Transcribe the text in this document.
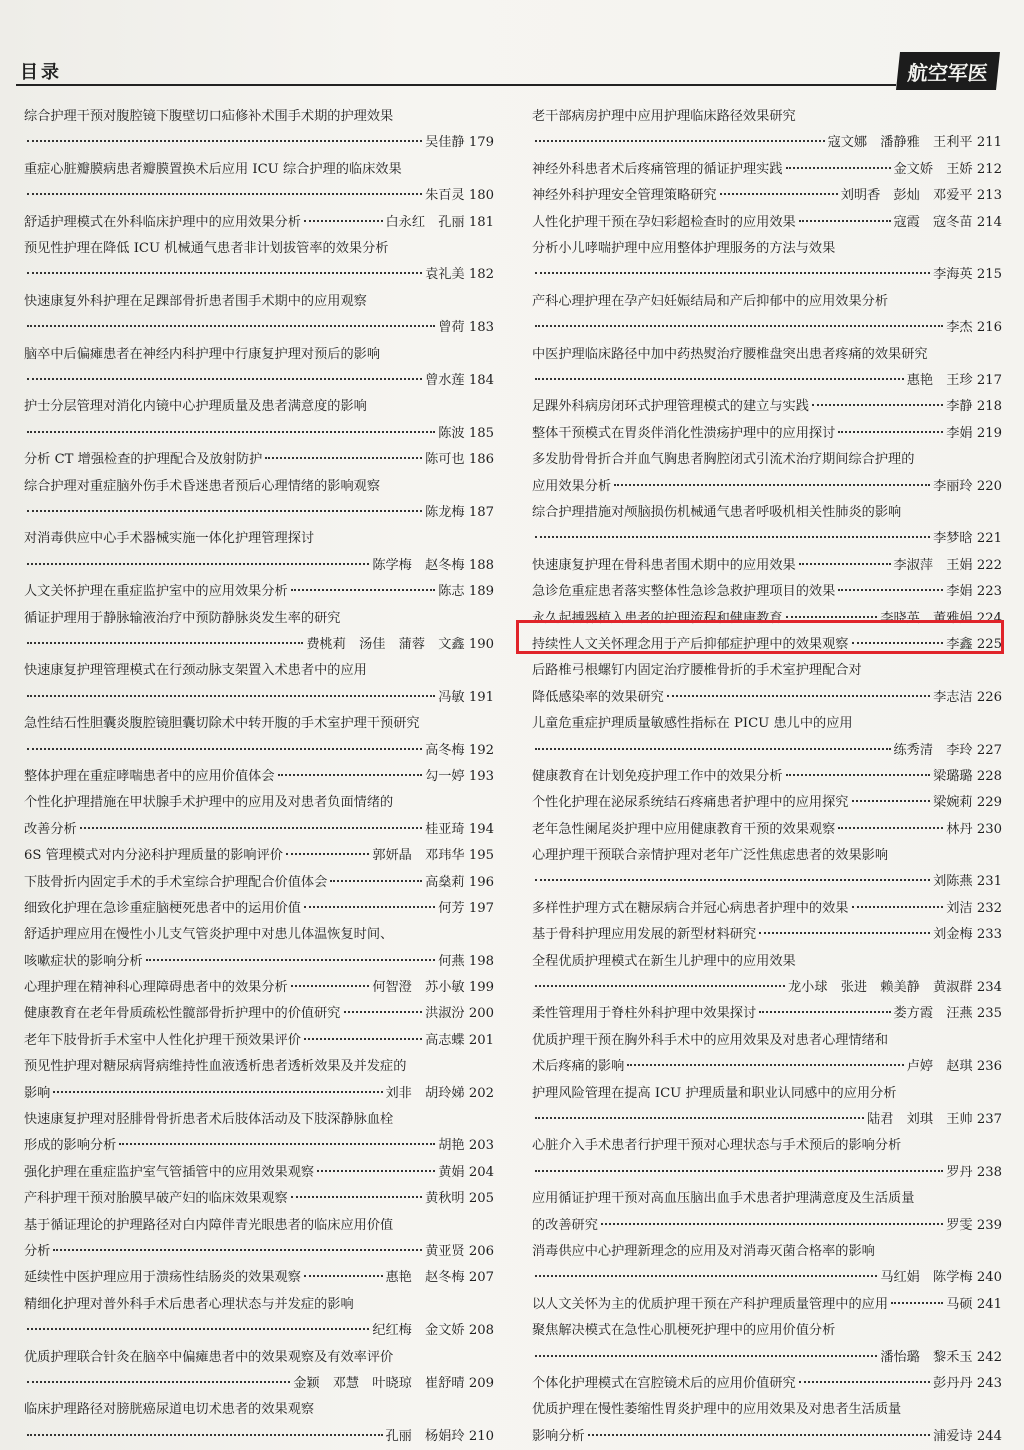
目录	航空军医
综合护理干预对腹腔镜下腹壁切口疝修补术围手术期的护理效果
吴佳静 179
重症心脏瓣膜病患者瓣膜置换术后应用 ICU 综合护理的临床效果
朱百灵 180
舒适护理模式在外科临床护理中的应用效果分析	白永红　孔丽 181
预见性护理在降低 ICU 机械通气患者非计划拔管率的效果分析
袁礼美 182
快速康复外科护理在足踝部骨折患者围手术期中的应用观察
曾荷 183
脑卒中后偏瘫患者在神经内科护理中行康复护理对预后的影响
曾水莲 184
护士分层管理对消化内镜中心护理质量及患者满意度的影响
陈波 185
分析 CT 增强检查的护理配合及放射防护	陈可也 186
综合护理对重症脑外伤手术昏迷患者预后心理情绪的影响观察
陈龙梅 187
对消毒供应中心手术器械实施一体化护理管理探讨
陈学梅　赵冬梅 188
人文关怀护理在重症监护室中的应用效果分析	陈志 189
循证护理用于静脉输液治疗中预防静脉炎发生率的研究
费桃莉　汤佳　蒲蓉　文鑫 190
快速康复护理管理模式在行颈动脉支架置入术患者中的应用
冯敏 191
急性结石性胆囊炎腹腔镜胆囊切除术中转开腹的手术室护理干预研究
高冬梅 192
整体护理在重症哮喘患者中的应用价值体会	勾一婷 193
个性化护理措施在甲状腺手术护理中的应用及对患者负面情绪的
改善分析	桂亚琦 194
6S 管理模式对内分泌科护理质量的影响评价	郭妍晶　邓玮华 195
下肢骨折内固定手术的手术室综合护理配合价值体会	高燊莉 196
细致化护理在急诊重症脑梗死患者中的运用价值	何芳 197
舒适护理应用在慢性小儿支气管炎护理中对患儿体温恢复时间、
咳嗽症状的影响分析	何燕 198
心理护理在精神科心理障碍患者中的效果分析	何智澄　苏小敏 199
健康教育在老年骨质疏松性髋部骨折护理中的价值研究	洪淑汾 200
老年下肢骨折手术室中人性化护理干预效果评价	高志蝶 201
预见性护理对糖尿病肾病维持性血液透析患者透析效果及并发症的
影响	刘非　胡玲娣 202
快速康复护理对胫腓骨骨折患者术后肢体活动及下肢深静脉血栓
形成的影响分析	胡艳 203
强化护理在重症监护室气管插管中的应用效果观察	黄娟 204
产科护理干预对胎膜早破产妇的临床效果观察	黄秋明 205
基于循证理论的护理路径对白内障伴青光眼患者的临床应用价值
分析	黄亚贤 206
延续性中医护理应用于溃疡性结肠炎的效果观察	惠艳　赵冬梅 207
精细化护理对普外科手术后患者心理状态与并发症的影响
纪红梅　金文娇 208
优质护理联合针灸在脑卒中偏瘫患者中的效果观察及有效率评价
金颖　邓慧　叶晓琼　崔舒晴 209
临床护理路径对膀胱癌尿道电切术患者的效果观察
孔丽　杨娟玲 210
老干部病房护理中应用护理临床路径效果研究
寇文娜　潘静雅　王利平 211
神经外科患者术后疼痛管理的循证护理实践	金文娇　王娇 212
神经外科护理安全管理策略研究	刘明香　彭灿　邓爱平 213
人性化护理干预在孕妇彩超检查时的应用效果	寇霞　寇冬苗 214
分析小儿哮喘护理中应用整体护理服务的方法与效果
李海英 215
产科心理护理在孕产妇妊娠结局和产后抑郁中的应用效果分析
李杰 216
中医护理临床路径中加中药热熨治疗腰椎盘突出患者疼痛的效果研究
惠艳　王珍 217
足踝外科病房闭环式护理管理模式的建立与实践	李静 218
整体干预模式在胃炎伴消化性溃疡护理中的应用探讨	李娟 219
多发肋骨骨折合并血气胸患者胸腔闭式引流术治疗期间综合护理的
应用效果分析	李丽玲 220
综合护理措施对颅脑损伤机械通气患者呼吸机相关性肺炎的影响
李梦晗 221
快速康复护理在骨科患者围术期中的应用效果	李淑萍　王娟 222
急诊危重症患者落实整体性急诊急救护理项目的效果	李娟 223
永久起搏器植入患者的护理流程和健康教育	李晓英　董雅娟 224
持续性人文关怀理念用于产后抑郁症护理中的效果观察	李鑫 225
后路椎弓根螺钉内固定治疗腰椎骨折的手术室护理配合对
降低感染率的效果研究	李志洁 226
儿童危重症护理质量敏感性指标在 PICU 患儿中的应用
练秀清　李玲 227
健康教育在计划免疫护理工作中的效果分析	梁璐璐 228
个性化护理在泌尿系统结石疼痛患者护理中的应用探究	梁婉莉 229
老年急性阑尾炎护理中应用健康教育干预的效果观察	林丹 230
心理护理干预联合亲情护理对老年广泛性焦虑患者的效果影响
刘陈燕 231
多样性护理方式在糖尿病合并冠心病患者护理中的效果	刘洁 232
基于骨科护理应用发展的新型材料研究	刘金梅 233
全程优质护理模式在新生儿护理中的应用效果
龙小球　张进　赖美静　黄淑群 234
柔性管理用于脊柱外科护理中效果探讨	娄方霞　汪燕 235
优质护理干预在胸外科手术中的应用效果及对患者心理情绪和
术后疼痛的影响	卢婷　赵琪 236
护理风险管理在提高 ICU 护理质量和职业认同感中的应用分析
陆君　刘琪　王帅 237
心脏介入手术患者行护理干预对心理状态与手术预后的影响分析
罗丹 238
应用循证护理干预对高血压脑出血手术患者护理满意度及生活质量
的改善研究	罗雯 239
消毒供应中心护理新理念的应用及对消毒灭菌合格率的影响
马红娟　陈学梅 240
以人文关怀为主的优质护理干预在产科护理质量管理中的应用	马硕 241
聚焦解决模式在急性心肌梗死护理中的应用价值分析
潘怡璐　黎禾玉 242
个体化护理模式在宫腔镜术后的应用价值研究	彭丹丹 243
优质护理在慢性萎缩性胃炎护理中的应用效果及对患者生活质量
影响分析	浦爱诗 244
